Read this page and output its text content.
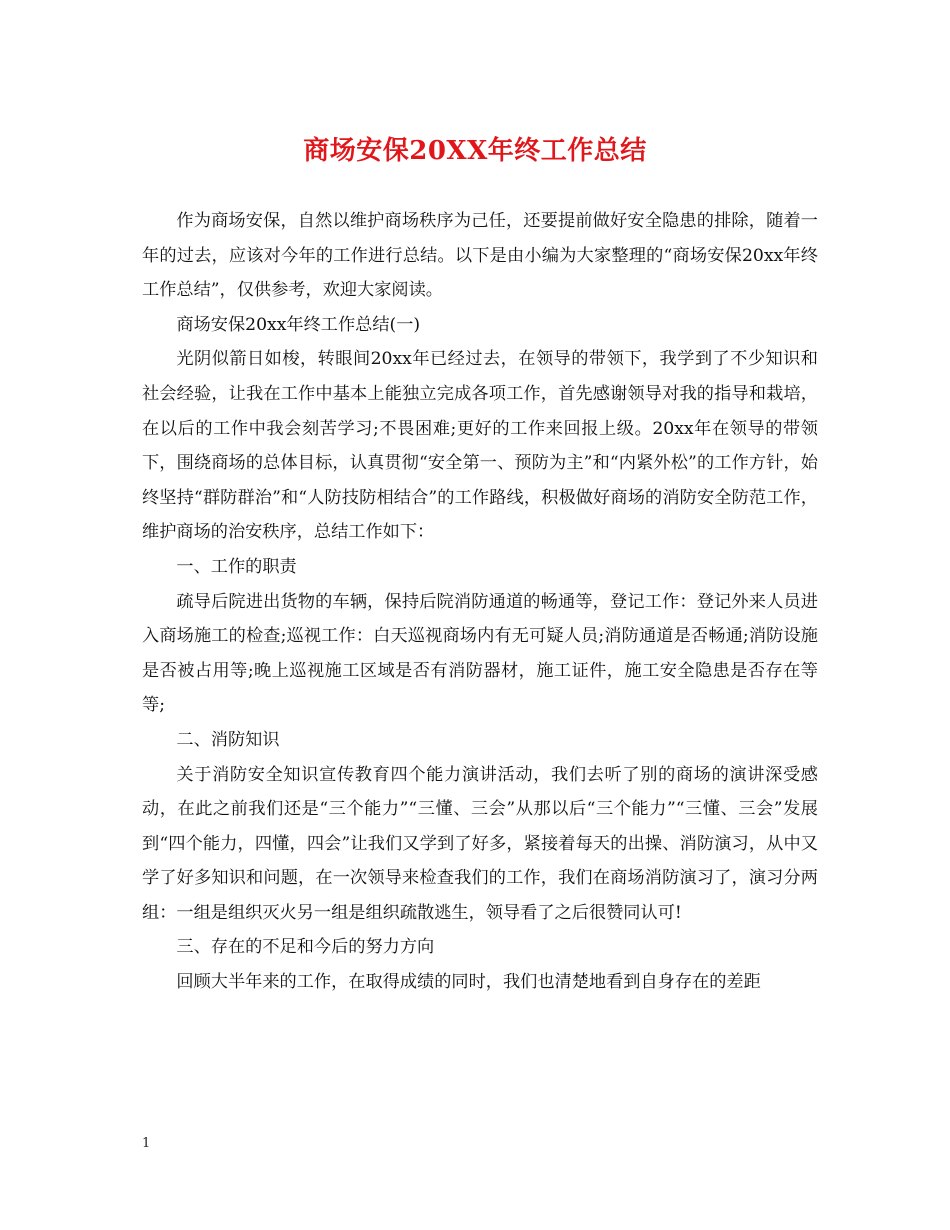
商场安保20XX年终工作总结

作为商场安保，自然以维护商场秩序为己任，还要提前做好安全隐患的排除，随着一年的过去，应该对今年的工作进行总结。以下是由小编为大家整理的“商场安保20xx年终工作总结”，仅供参考，欢迎大家阅读。

商场安保20xx年终工作总结(一)

光阴似箭日如梭，转眼间20xx年已经过去，在领导的带领下，我学到了不少知识和社会经验，让我在工作中基本上能独立完成各项工作，首先感谢领导对我的指导和栽培，在以后的工作中我会刻苦学习;不畏困难;更好的工作来回报上级。20xx年在领导的带领下，围绕商场的总体目标，认真贯彻“安全第一、预防为主”和“内紧外松”的工作方针，始终坚持“群防群治”和“人防技防相结合”的工作路线，积极做好商场的消防安全防范工作，维护商场的治安秩序，总结工作如下：

一、工作的职责

疏导后院进出货物的车辆，保持后院消防通道的畅通等，登记工作：登记外来人员进入商场施工的检查;巡视工作：白天巡视商场内有无可疑人员;消防通道是否畅通;消防设施是否被占用等;晚上巡视施工区域是否有消防器材，施工证件，施工安全隐患是否存在等等;

二、消防知识

关于消防安全知识宣传教育四个能力演讲活动，我们去听了别的商场的演讲深受感动，在此之前我们还是“三个能力”“三懂、三会”从那以后“三个能力”“三懂、三会”发展到“四个能力，四懂，四会”让我们又学到了好多，紧接着每天的出操、消防演习，从中又学了好多知识和问题，在一次领导来检查我们的工作，我们在商场消防演习了，演习分两组：一组是组织灭火另一组是组织疏散逃生，领导看了之后很赞同认可!

三、存在的不足和今后的努力方向

回顾大半年来的工作，在取得成绩的同时，我们也清楚地看到自身存在的差距

1
